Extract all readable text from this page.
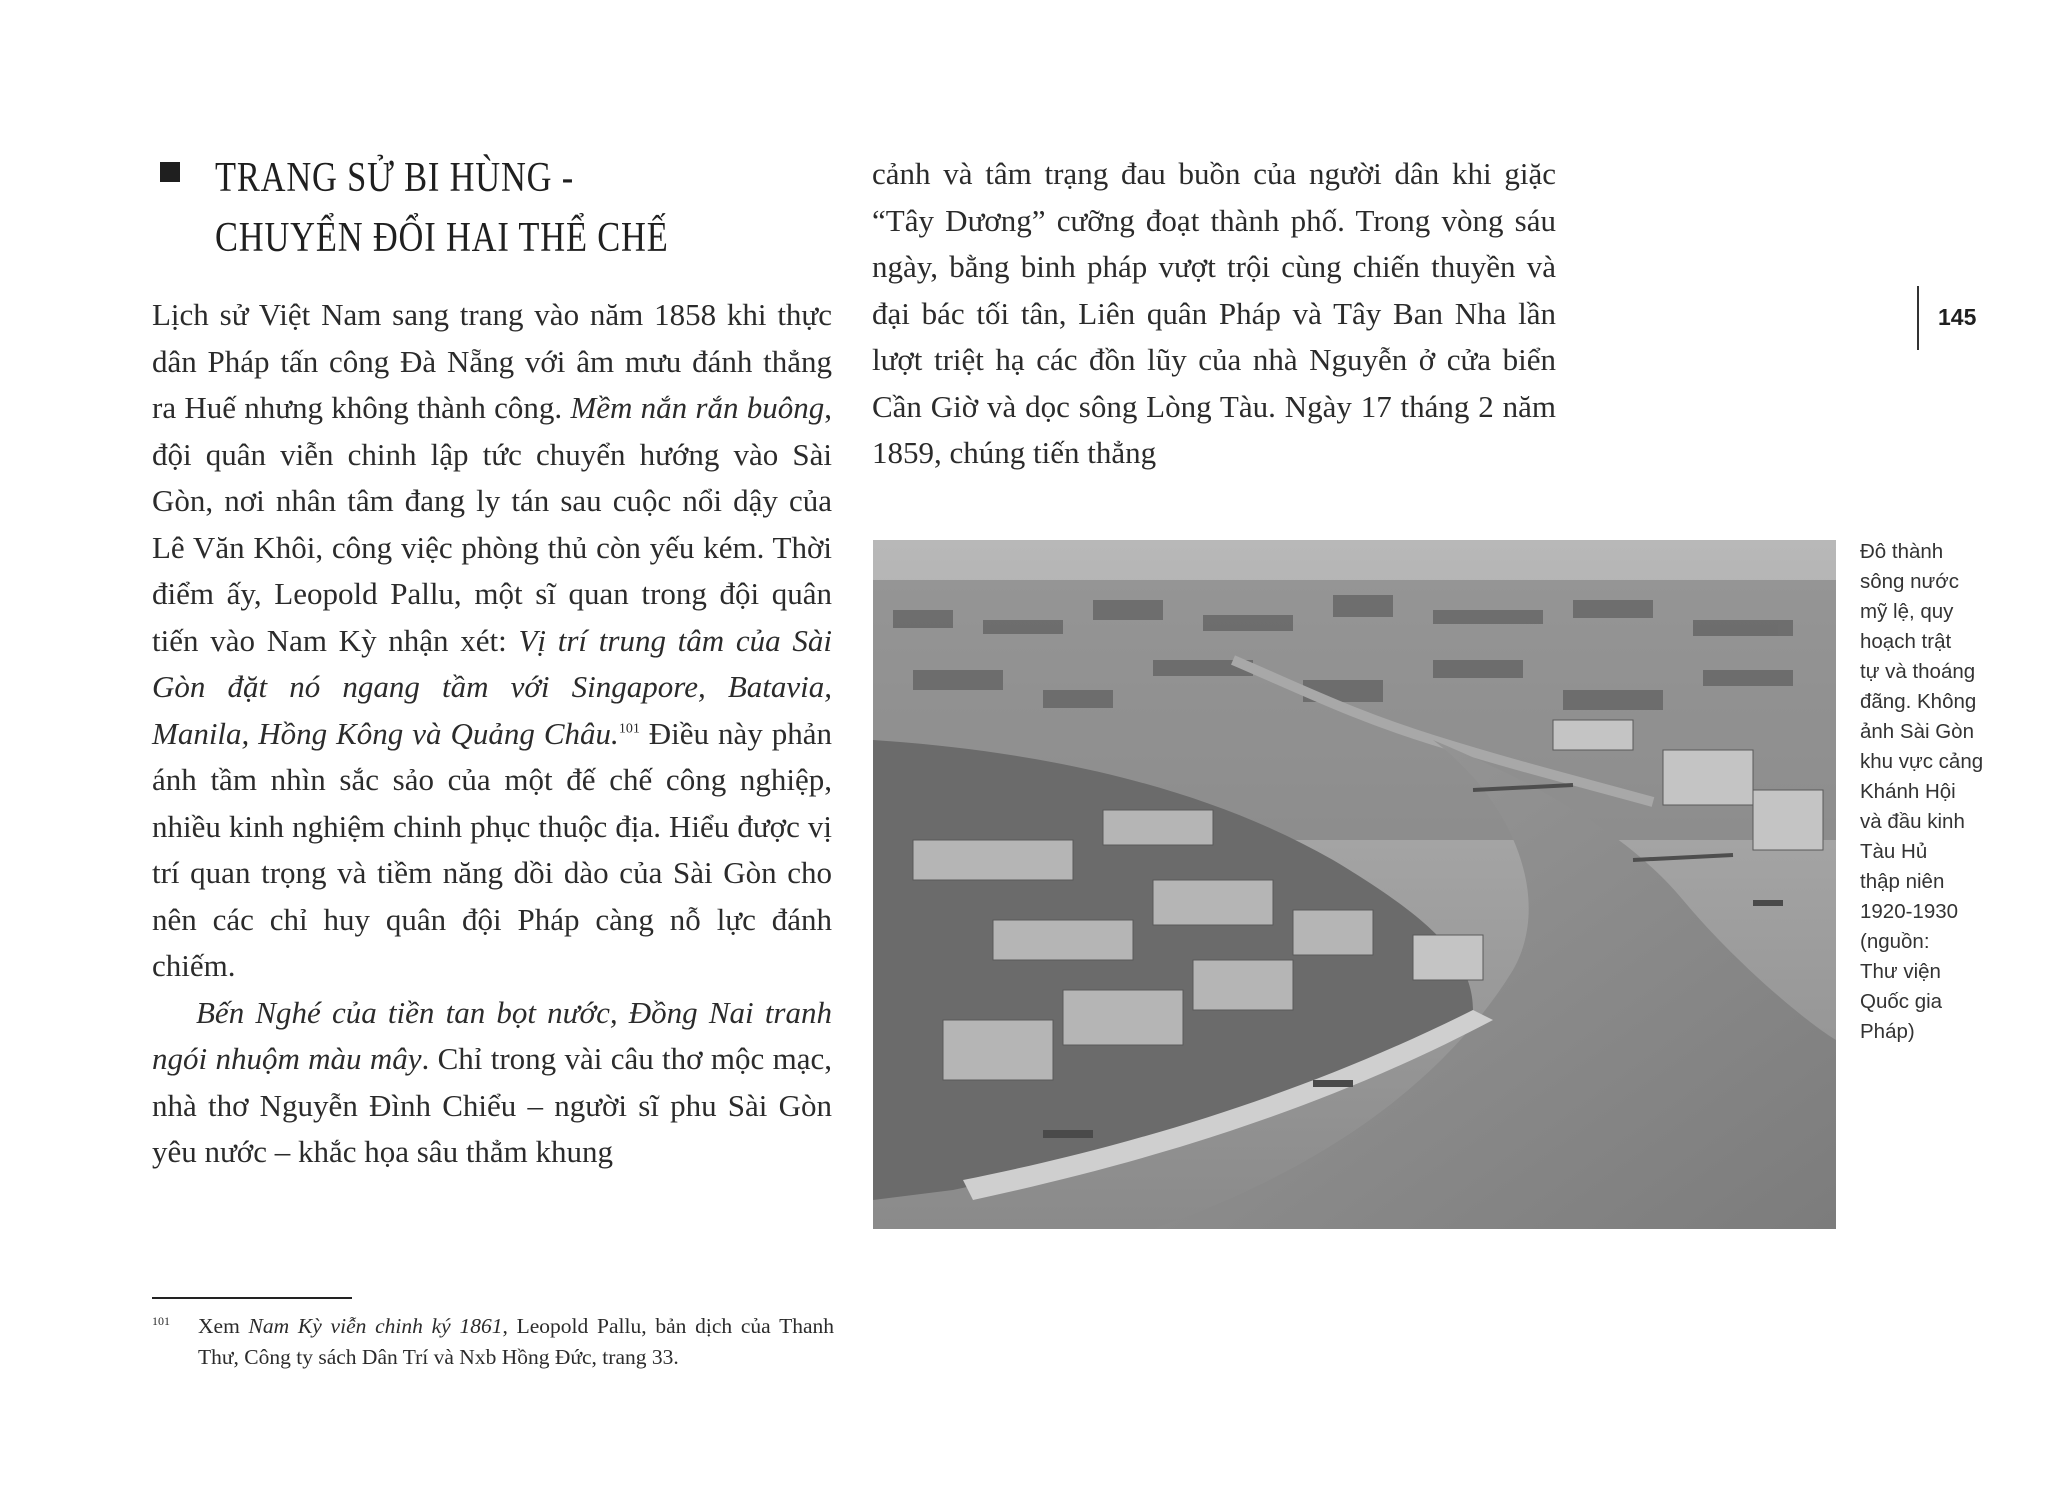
TRANG SỬ BI HÙNG -
CHUYỂN ĐỔI HAI THỂ CHẾ

Lịch sử Việt Nam sang trang vào năm 1858 khi thực dân Pháp tấn công Đà Nẵng với âm mưu đánh thẳng ra Huế nhưng không thành công. Mềm nắn rắn buông, đội quân viễn chinh lập tức chuyển hướng vào Sài Gòn, nơi nhân tâm đang ly tán sau cuộc nổi dậy của Lê Văn Khôi, công việc phòng thủ còn yếu kém. Thời điểm ấy, Leopold Pallu, một sĩ quan trong đội quân tiến vào Nam Kỳ nhận xét: Vị trí trung tâm của Sài Gòn đặt nó ngang tầm với Singapore, Batavia, Manila, Hồng Kông và Quảng Châu.$^{101}$ Điều này phản ánh tầm nhìn sắc sảo của một đế chế công nghiệp, nhiều kinh nghiệm chinh phục thuộc địa. Hiểu được vị trí quan trọng và tiềm năng dồi dào của Sài Gòn cho nên các chỉ huy quân đội Pháp càng nỗ lực đánh chiếm.

Bến Nghé của tiền tan bọt nước, Đồng Nai tranh ngói nhuộm màu mây. Chỉ trong vài câu thơ mộc mạc, nhà thơ Nguyễn Đình Chiểu – người sĩ phu Sài Gòn yêu nước – khắc họa sâu thẳm khung

cảnh và tâm trạng đau buồn của người dân khi giặc “Tây Dương” cưỡng đoạt thành phố. Trong vòng sáu ngày, bằng binh pháp vượt trội cùng chiến thuyền và đại bác tối tân, Liên quân Pháp và Tây Ban Nha lần lượt triệt hạ các đồn lũy của nhà Nguyễn ở cửa biển Cần Giờ và dọc sông Lòng Tàu. Ngày 17 tháng 2 năm 1859, chúng tiến thẳng

145
Đô thành
sông nước
mỹ lệ, quy
hoạch trật
tự và thoáng
đãng. Không
ảnh Sài Gòn
khu vực cảng
Khánh Hội
và đầu kinh
Tàu Hủ
thập niên
1920-1930
(nguồn:
Thư viện
Quốc gia
Pháp)
101 Xem Nam Kỳ viễn chinh ký 1861, Leopold Pallu, bản dịch của Thanh Thư, Công ty sách Dân Trí và Nxb Hồng Đức, trang 33.
